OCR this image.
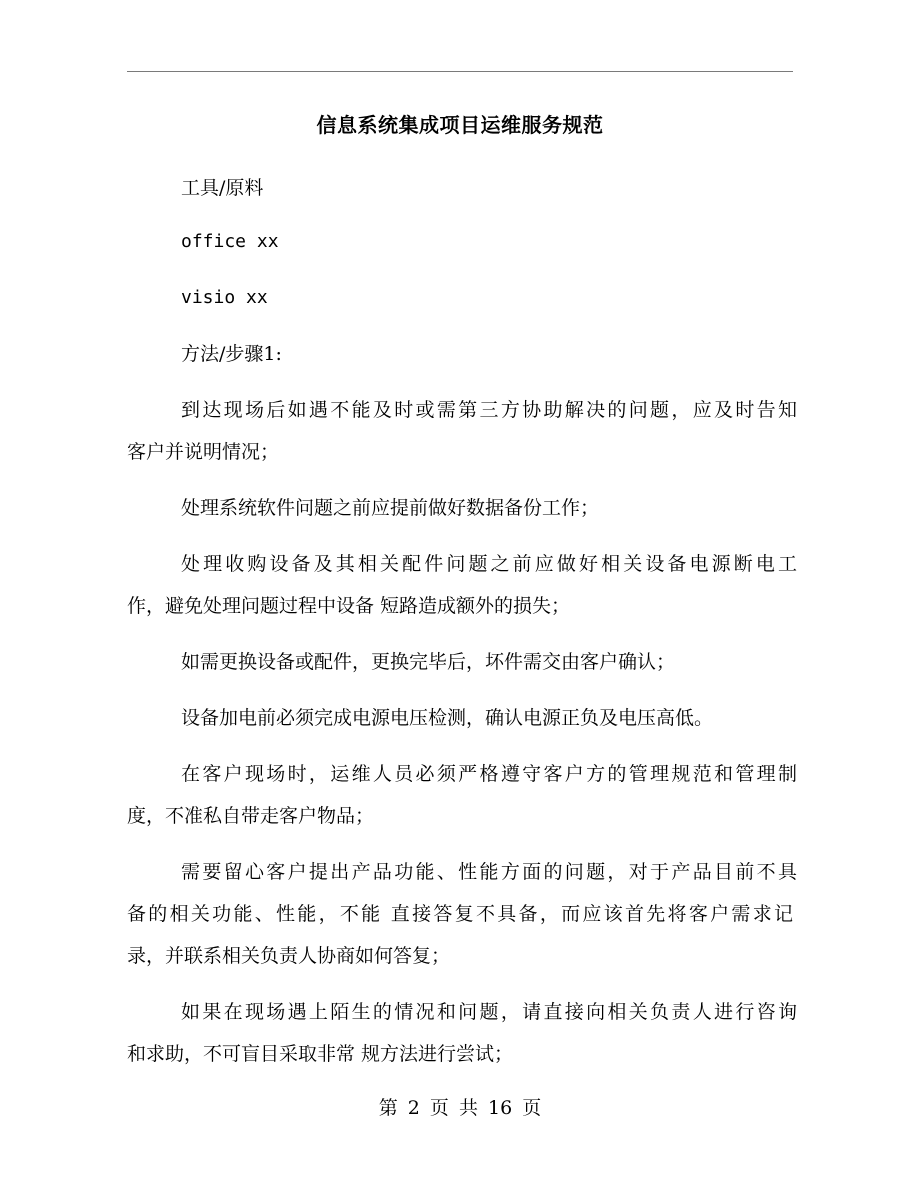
信息系统集成项目运维服务规范
工具/原料
office xx
visio xx
方法/步骤1:
到达现场后如遇不能及时或需第三方协助解决的问题，应及时告知
客户并说明情况；
处理系统软件问题之前应提前做好数据备份工作；
处理收购设备及其相关配件问题之前应做好相关设备电源断电工
作，避免处理问题过程中设备 短路造成额外的损失；
如需更换设备或配件，更换完毕后，坏件需交由客户确认；
设备加电前必须完成电源电压检测，确认电源正负及电压高低。
在客户现场时，运维人员必须严格遵守客户方的管理规范和管理制
度，不准私自带走客户物品；
需要留心客户提出产品功能、性能方面的问题，对于产品目前不具
备的相关功能、性能，不能 直接答复不具备，而应该首先将客户需求记
录，并联系相关负责人协商如何答复；
如果在现场遇上陌生的情况和问题，请直接向相关负责人进行咨询
和求助，不可盲目采取非常 规方法进行尝试；
第 2 页 共 16 页
